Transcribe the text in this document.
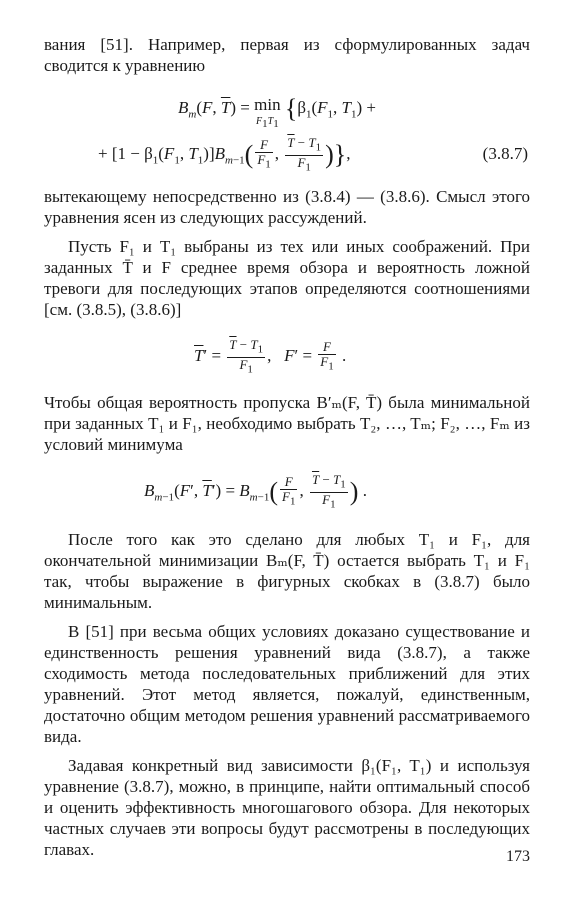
вания [51]. Например, первая из сформулированных задач сводится к уравнению

$B_m(F$, $\overline{T}) = \min$
$F_1T_1$ {$\beta_1(F_1$, $T_1$) +
+ [$1 - \beta_1(F_1$, $T_1)]B_{m-1}( \frac{F}{F_1}$ , $\frac{\overline{T} - T_1}{F_1}$ )},	(3.8.7)

вытекающему непосредственно из (3.8.4) — (3.8.6). Смысл этого уравнения ясен из следующих рассуждений.

Пусть F₁ и T₁ выбраны из тех или иных соображений. При заданных T̄ и F среднее время обзора и вероятность ложной тревоги для последующих этапов определяются соотношениями [см. (3.8.5), (3.8.6)]

$\overline{T}' = \frac{\overline{T} - T_1}{F_1}$ ,   $F' = \frac{F}{F_1}$ .

Чтобы общая вероятность пропуска B′ₘ(F, T̄) была минимальной при заданных T₁ и F₁, необходимо выбрать T₂, …, Tₘ; F₂, …, Fₘ из условий минимума

$B_{m-1}(F'$, $\overline{T}') = B_{m-1}( \frac{F}{F_1}$ , $\frac{\overline{T} - T_1}{F_1}$ ) .

После того как это сделано для любых T₁ и F₁, для окончательной минимизации Bₘ(F, T̄) остается выбрать T₁ и F₁ так, чтобы выражение в фигурных скобках в (3.8.7) было минимальным.

В [51] при весьма общих условиях доказано существование и единственность решения уравнений вида (3.8.7), а также сходимость метода последовательных приближений для этих уравнений. Этот метод является, пожалуй, единственным, достаточно общим методом решения уравнений рассматриваемого вида.

Задавая конкретный вид зависимости β₁(F₁, T₁) и используя уравнение (3.8.7), можно, в принципе, найти оптимальный способ и оценить эффективность многошагового обзора. Для некоторых частных случаев эти вопросы будут рассмотрены в последующих главах.	173
